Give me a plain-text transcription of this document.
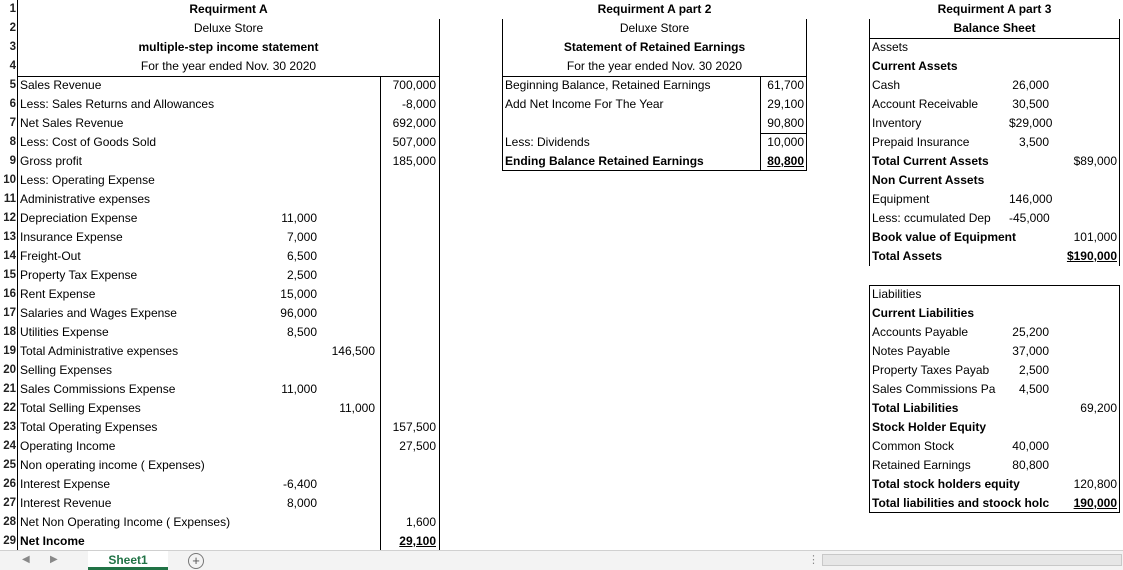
1
2
3
4
5
6
7
8
9
10
11
12
13
14
15
16
17
18
19
20
21
22
23
24
25
26
27
28
29
Requirment A
Deluxe Store
multiple-step income statement
For the year ended Nov. 30 2020
Sales Revenue	700,000
Less: Sales Returns and Allowances	-8,000
Net Sales Revenue	692,000
Less: Cost of Goods Sold	507,000
Gross profit	185,000
Less: Operating Expense
Administrative expenses
Depreciation Expense	11,000
Insurance Expense	7,000
Freight-Out	6,500
Property Tax Expense	2,500
Rent Expense	15,000
Salaries and Wages Expense	96,000
Utilities Expense	8,500
Total Administrative expenses	146,500
Selling Expenses
Sales Commissions Expense	11,000
Total Selling Expenses	11,000
Total Operating Expenses	157,500
Operating Income	27,500
Non operating income ( Expenses)
Interest Expense	-6,400
Interest Revenue	8,000
Net Non Operating Income ( Expenses)	1,600
Net Income	29,100
Requirment A part 2
Deluxe Store
Statement of Retained Earnings
For the year ended Nov. 30 2020
Beginning Balance, Retained Earnings	61,700
Add Net Income For The Year	29,100
90,800
Less: Dividends	10,000
Ending Balance Retained Earnings	80,800
Requirment A part 3
Balance Sheet
Assets
Current Assets
Cash	26,000
Account Receivable	30,500
Inventory	$29,000
Prepaid Insurance	3,500
Total Current Assets	$89,000
Non Current Assets
Equipment	146,000
Less: ccumulated Dep	-45,000
Book value of Equipment	101,000
Total Assets	$190,000
Liabilities
Current Liabilities
Accounts Payable	25,200
Notes Payable	37,000
Property Taxes Payab	2,500
Sales Commissions Pa	4,500
Total Liabilities	69,200
Stock Holder Equity
Common Stock	40,000
Retained Earnings	80,800
Total stock holders equity	120,800
Total liabilities and stoock holc	190,000
◀ ▶	Sheet1	+	⋮
